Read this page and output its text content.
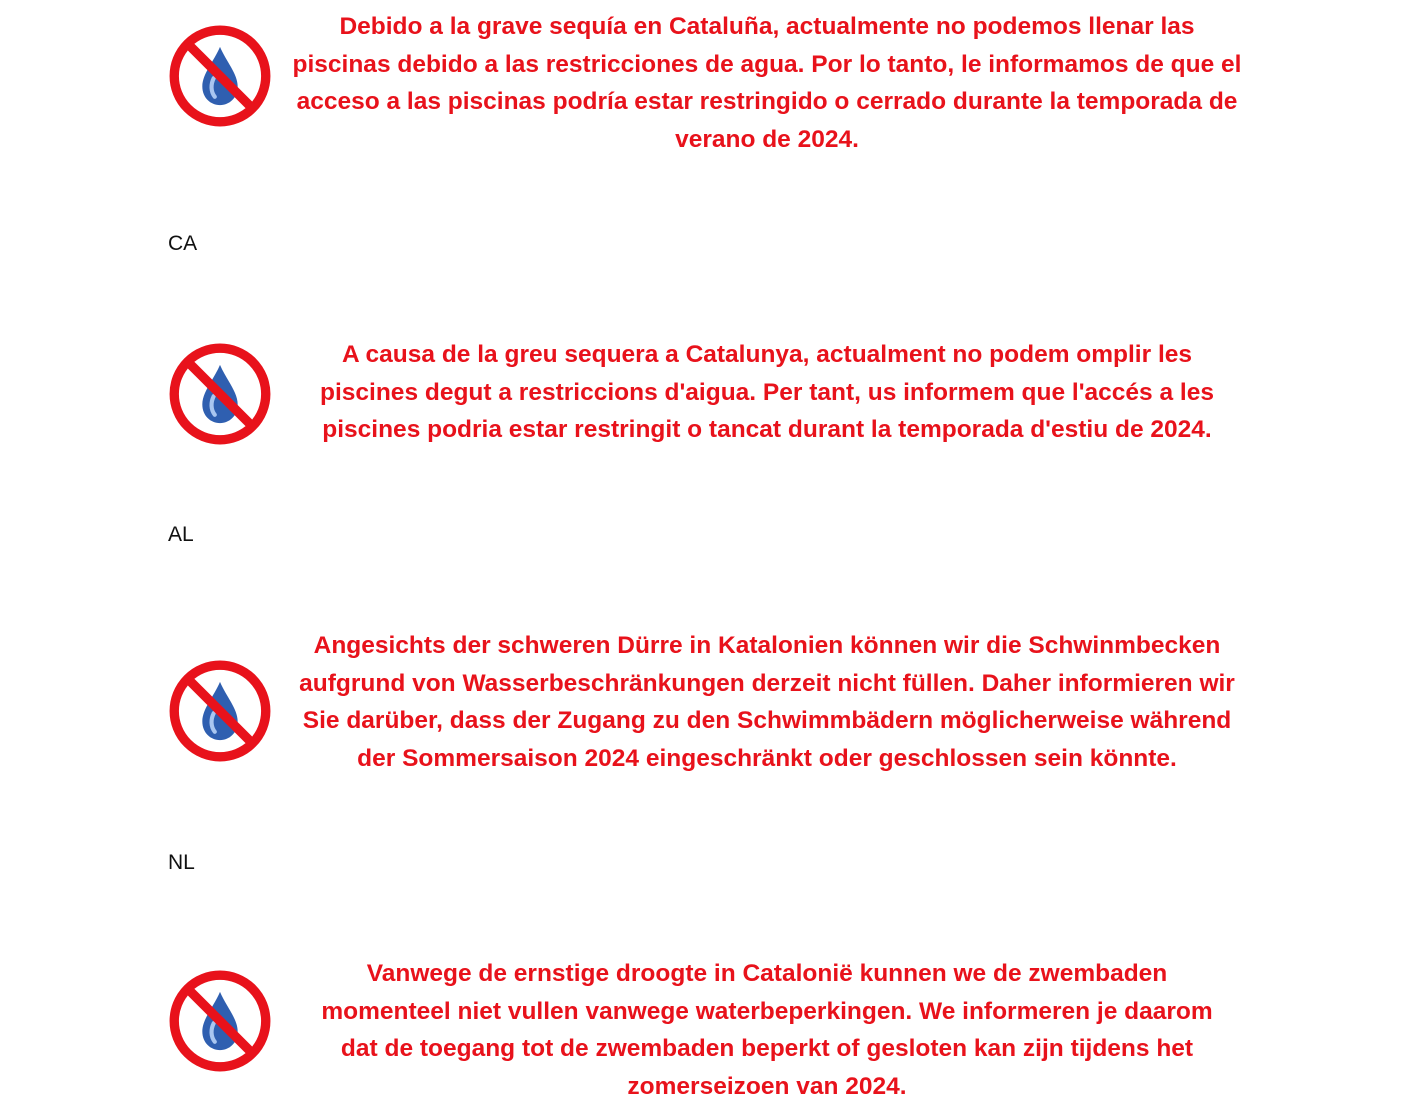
Debido a la grave sequía en Cataluña, actualmente no podemos llenar las
piscinas debido a las restricciones de agua. Por lo tanto, le informamos de que el
acceso a las piscinas podría estar restringido o cerrado durante la temporada de
verano de 2024.

CA

A causa de la greu sequera a Catalunya, actualment no podem omplir les
piscines degut a restriccions d'aigua. Per tant, us informem que l'accés a les
piscines podria estar restringit o tancat durant la temporada d'estiu de 2024.

AL

Angesichts der schweren Dürre in Katalonien können wir die Schwinmbecken
aufgrund von Wasserbeschränkungen derzeit nicht füllen. Daher informieren wir
Sie darüber, dass der Zugang zu den Schwimmbädern möglicherweise während
der Sommersaison 2024 eingeschränkt oder geschlossen sein könnte.

NL

Vanwege de ernstige droogte in Catalonië kunnen we de zwembaden
momenteel niet vullen vanwege waterbeperkingen. We informeren je daarom
dat de toegang tot de zwembaden beperkt of gesloten kan zijn tijdens het
zomerseizoen van 2024.
